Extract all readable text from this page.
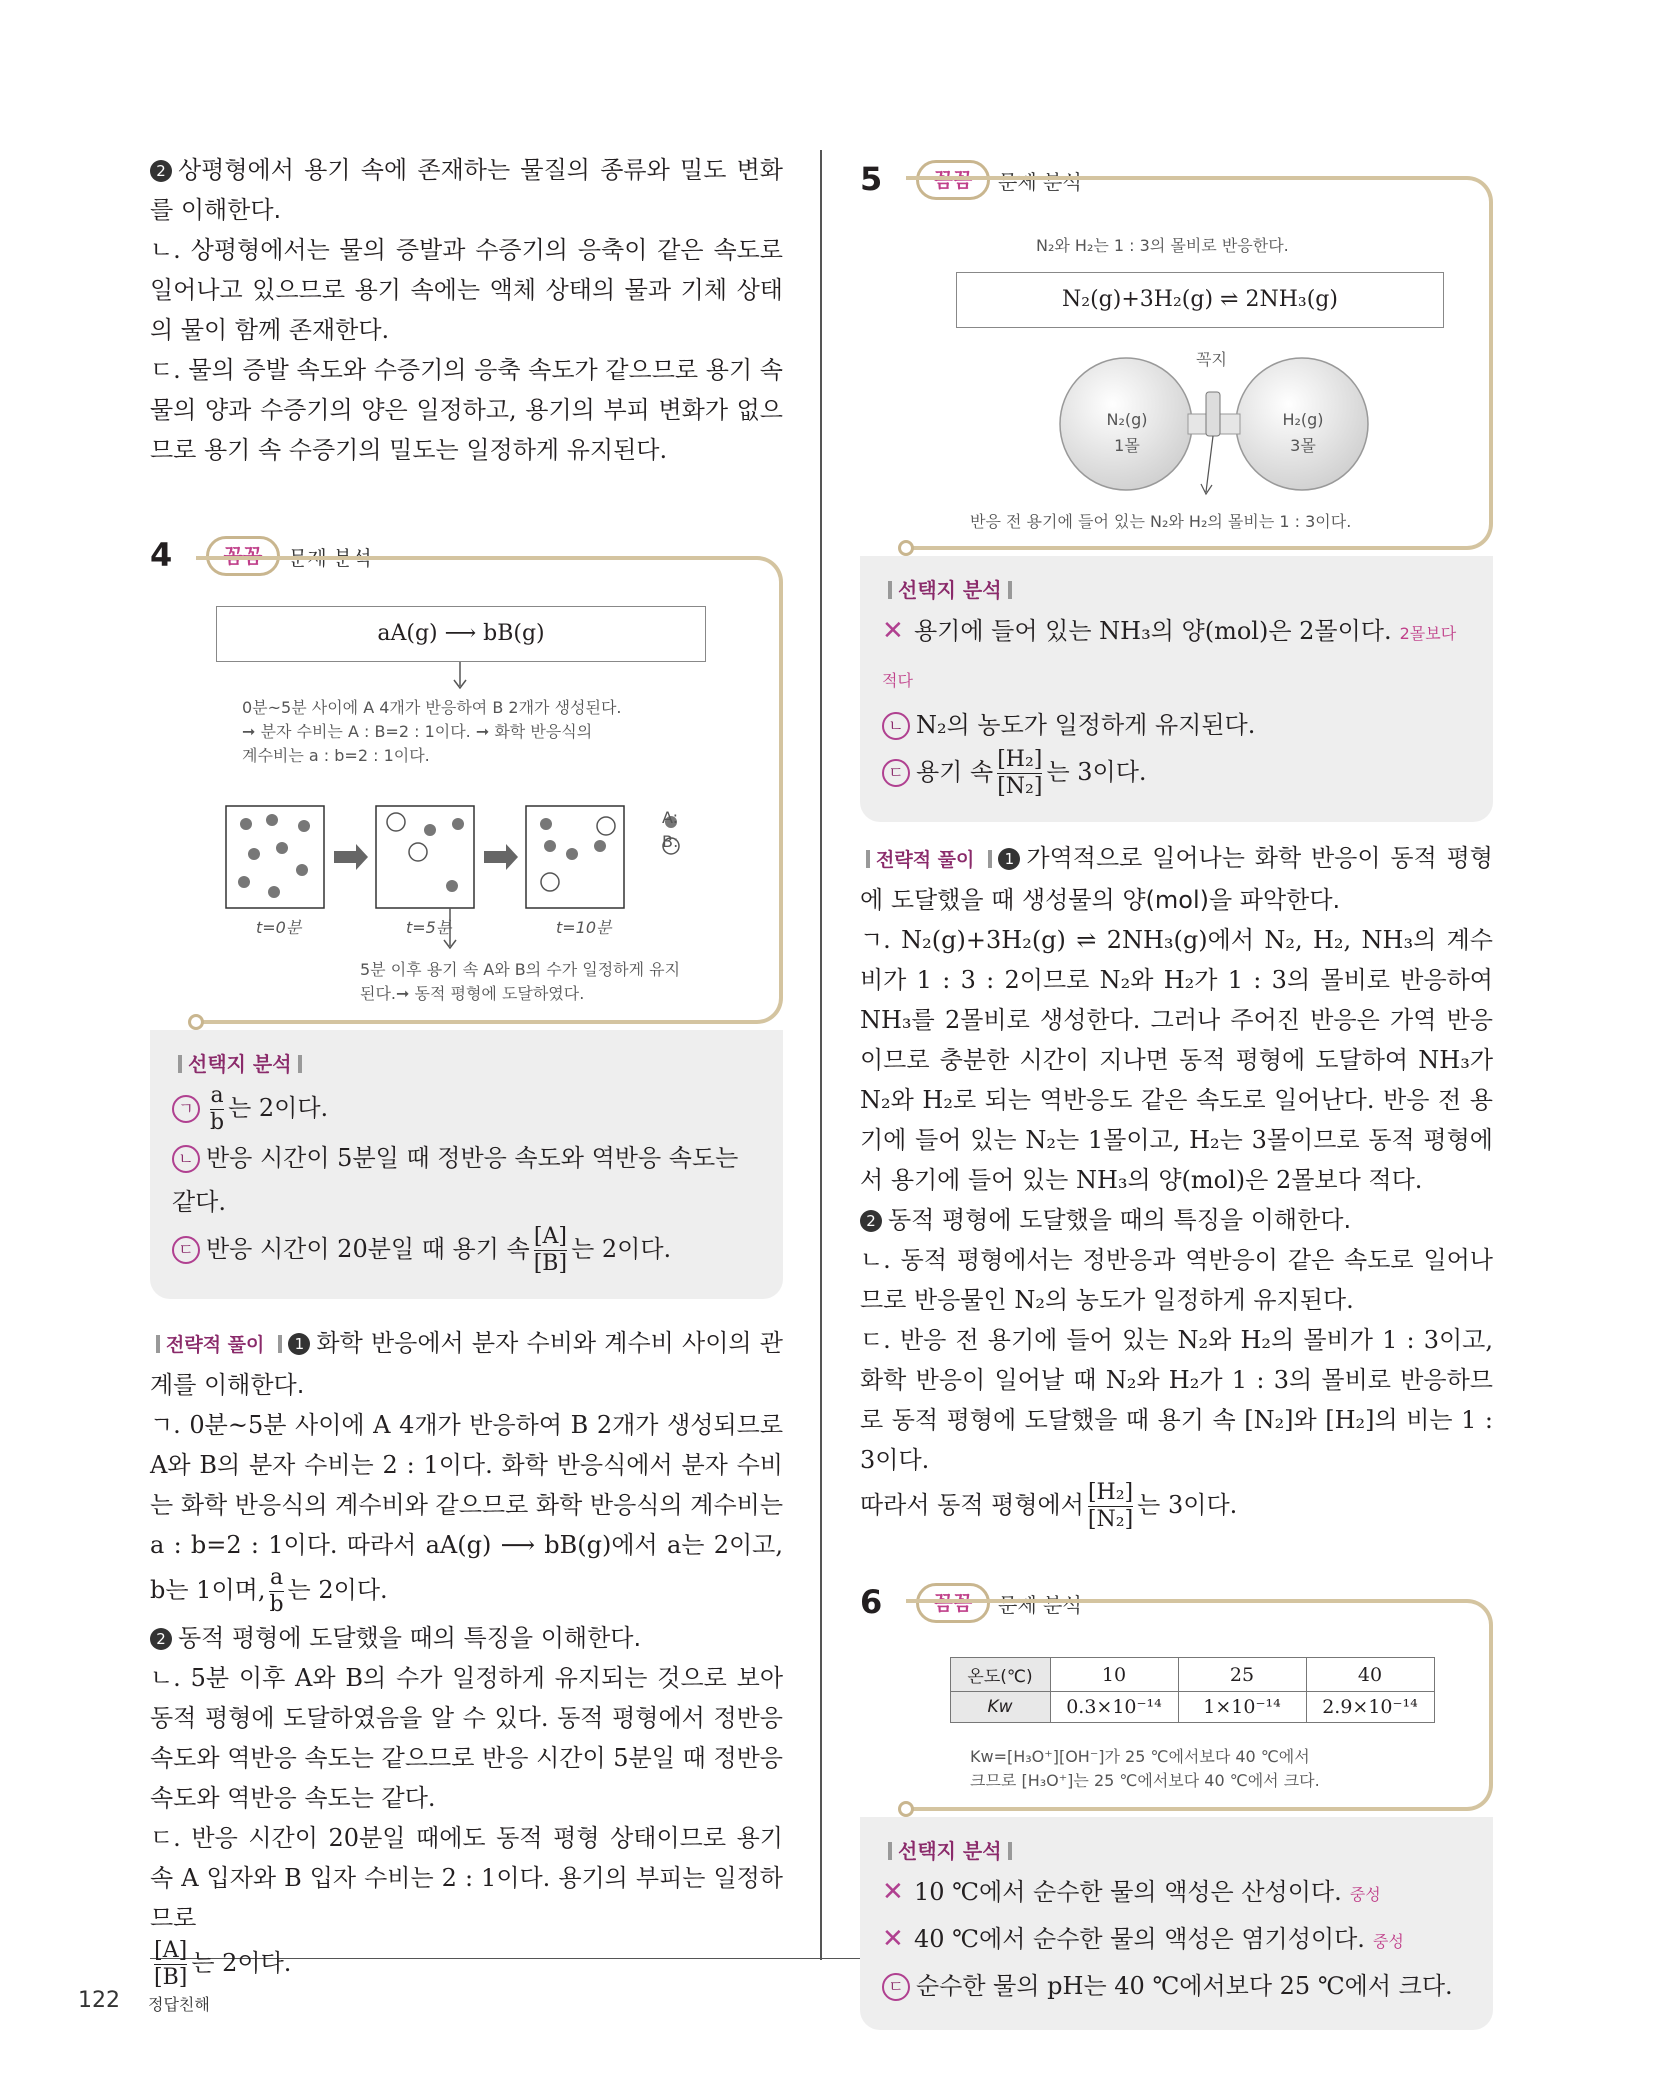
2 상평형에서 용기 속에 존재하는 물질의 종류와 밀도 변화를 이해한다.

ㄴ. 상평형에서는 물의 증발과 수증기의 응축이 같은 속도로 일어나고 있으므로 용기 속에는 액체 상태의 물과 기체 상태의 물이 함께 존재한다.

ㄷ. 물의 증발 속도와 수증기의 응축 속도가 같으므로 용기 속 물의 양과 수증기의 양은 일정하고, 용기의 부피 변화가 없으므로 용기 속 수증기의 밀도는 일정하게 유지된다.

4	꼼꼼	문제 분석
aA(g) ⟶ bB(g)
0분~5분 사이에 A 4개가 반응하여 B 2개가 생성된다.
➞ 분자 수비는 A : B=2 : 1이다. ➞ 화학 반응식의
계수비는 a : b=2 : 1이다.
A:
B:
t=0분	t=5분	t=10분
5분 이후 용기 속 A와 B의 수가 일정하게 유지
된다.➞ 동적 평형에 도달하였다.
선택지 분석
ㄱ $\frac{a}{b}$ 는 2이다.
ㄴ 반응 시간이 5분일 때 정반응 속도와 역반응 속도는 같다.
ㄷ 반응 시간이 20분일 때 용기 속 $\frac{[A]}{[B]}$ 는 2이다.

전략적 풀이 1 화학 반응에서 분자 수비와 계수비 사이의 관계를 이해한다.

ㄱ. 0분~5분 사이에 A 4개가 반응하여 B 2개가 생성되므로 A와 B의 분자 수비는 2 : 1이다. 화학 반응식에서 분자 수비는 화학 반응식의 계수비와 같으므로 화학 반응식의 계수비는 a : b=2 : 1이다. 따라서 aA(g) ⟶ bB(g)에서 a는 2이고, b는 1이며, $\frac{a}{b}$ 는 2이다.

2 동적 평형에 도달했을 때의 특징을 이해한다.

ㄴ. 5분 이후 A와 B의 수가 일정하게 유지되는 것으로 보아 동적 평형에 도달하였음을 알 수 있다. 동적 평형에서 정반응 속도와 역반응 속도는 같으므로 반응 시간이 5분일 때 정반응 속도와 역반응 속도는 같다.

ㄷ. 반응 시간이 20분일 때에도 동적 평형 상태이므로 용기 속 A 입자와 B 입자 수비는 2 : 1이다. 용기의 부피는 일정하므로

$\frac{[A]}{[B]}$ 는 2이다.

5	꼼꼼	문제 분석
N₂와 H₂는 1 : 3의 몰비로 반응한다.
N₂(g)+3H₂(g) ⇌ 2NH₃(g)
꼭지
N₂(g)
1몰
H₂(g)
3몰
반응 전 용기에 들어 있는 N₂와 H₂의 몰비는 1 : 3이다.
선택지 분석
✕ 용기에 들어 있는 NH₃의 양(mol)은 2몰이다. 2몰보다 적다
ㄴ N₂의 농도가 일정하게 유지된다.
ㄷ 용기 속 $\frac{\text{[H₂]}}{\text{[N₂]}}$ 는 3이다.

전략적 풀이 1 가역적으로 일어나는 화학 반응이 동적 평형에 도달했을 때 생성물의 양(mol)을 파악한다.

ㄱ. N₂(g)+3H₂(g) ⇌ 2NH₃(g)에서 N₂, H₂, NH₃의 계수비가 1 : 3 : 2이므로 N₂와 H₂가 1 : 3의 몰비로 반응하여 NH₃를 2몰비로 생성한다. 그러나 주어진 반응은 가역 반응이므로 충분한 시간이 지나면 동적 평형에 도달하여 NH₃가 N₂와 H₂로 되는 역반응도 같은 속도로 일어난다. 반응 전 용기에 들어 있는 N₂는 1몰이고, H₂는 3몰이므로 동적 평형에서 용기에 들어 있는 NH₃의 양(mol)은 2몰보다 적다.

2 동적 평형에 도달했을 때의 특징을 이해한다.

ㄴ. 동적 평형에서는 정반응과 역반응이 같은 속도로 일어나므로 반응물인 N₂의 농도가 일정하게 유지된다.

ㄷ. 반응 전 용기에 들어 있는 N₂와 H₂의 몰비가 1 : 3이고, 화학 반응이 일어날 때 N₂와 H₂가 1 : 3의 몰비로 반응하므로 동적 평형에 도달했을 때 용기 속 [N₂]와 [H₂]의 비는 1 : 3이다.

따라서 동적 평형에서 $\frac{\text{[H₂]}}{\text{[N₂]}}$ 는 3이다.

6	꼼꼼	문제 분석
온도(℃)	10	25	40
Kw	0.3×10⁻¹⁴	1×10⁻¹⁴	2.9×10⁻¹⁴
Kw=[H₃O⁺][OH⁻]가 25 ℃에서보다 40 ℃에서
크므로 [H₃O⁺]는 25 ℃에서보다 40 ℃에서 크다.
선택지 분석
✕ 10 ℃에서 순수한 물의 액성은 산성이다. 중성
✕ 40 ℃에서 순수한 물의 액성은 염기성이다. 중성
ㄷ 순수한 물의 pH는 40 ℃에서보다 25 ℃에서 크다.
122 정답친해
